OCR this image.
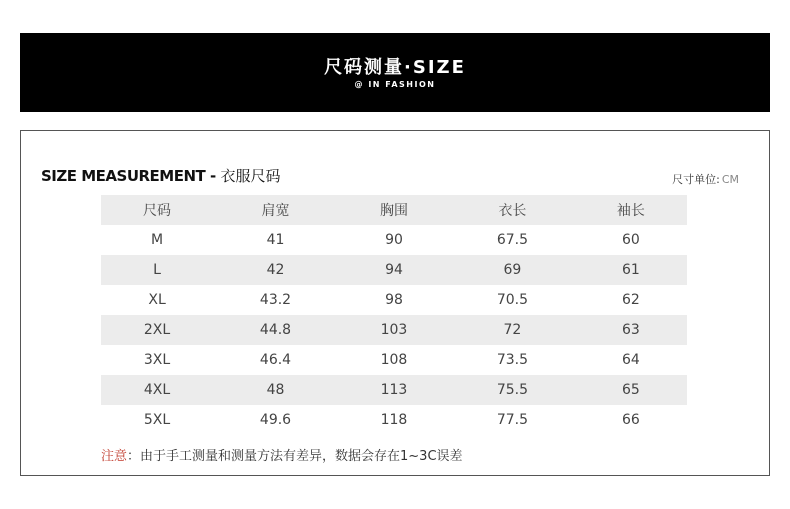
尺码测量·SIZE
@ IN FASHION
SIZE MEASUREMENT - 衣服尺码	尺寸单位: CM
尺码	肩宽	胸围	衣长	袖长
M	41	90	67.5	60
L	42	94	69	61
XL	43.2	98	70.5	62
2XL	44.8	103	72	63
3XL	46.4	108	73.5	64
4XL	48	113	75.5	65
5XL	49.6	118	77.5	66
注意：由于手工测量和测量方法有差异，数据会存在1~3C误差
